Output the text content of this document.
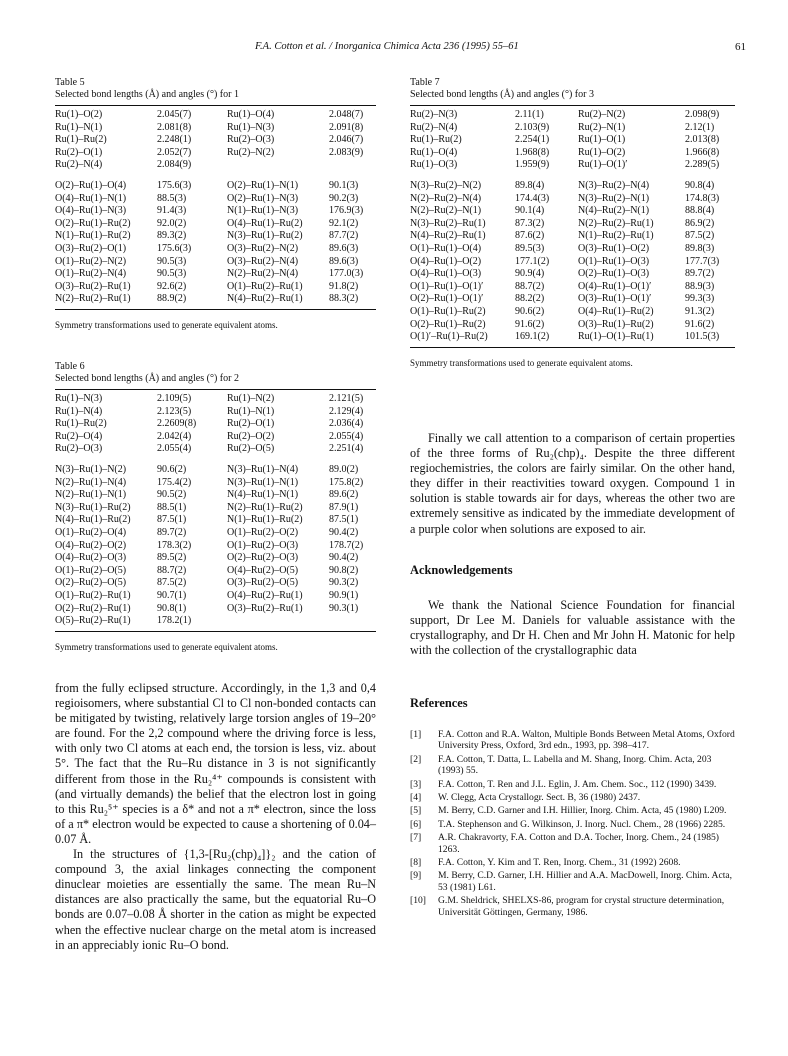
F.A. Cotton et al. / Inorganica Chimica Acta 236 (1995) 55–61	61
Table 5
Selected bond lengths (Å) and angles (°) for 1
Ru(1)–O(2)	2.045(7)	Ru(1)–O(4)	2.048(7)
Ru(1)–N(1)	2.081(8)	Ru(1)–N(3)	2.091(8)
Ru(1)–Ru(2)	2.248(1)	Ru(2)–O(3)	2.046(7)
Ru(2)–O(1)	2.052(7)	Ru(2)–N(2)	2.083(9)
Ru(2)–N(4)	2.084(9)		

O(2)–Ru(1)–O(4)	175.6(3)	O(2)–Ru(1)–N(1)	90.1(3)
O(4)–Ru(1)–N(1)	88.5(3)	O(2)–Ru(1)–N(3)	90.2(3)
O(4)–Ru(1)–N(3)	91.4(3)	N(1)–Ru(1)–N(3)	176.9(3)
O(2)–Ru(1)–Ru(2)	92.0(2)	O(4)–Ru(1)–Ru(2)	92.1(2)
N(1)–Ru(1)–Ru(2)	89.3(2)	N(3)–Ru(1)–Ru(2)	87.7(2)
O(3)–Ru(2)–O(1)	175.6(3)	O(3)–Ru(2)–N(2)	89.6(3)
O(1)–Ru(2)–N(2)	90.5(3)	O(3)–Ru(2)–N(4)	89.6(3)
O(1)–Ru(2)–N(4)	90.5(3)	N(2)–Ru(2)–N(4)	177.0(3)
O(3)–Ru(2)–Ru(1)	92.6(2)	O(1)–Ru(2)–Ru(1)	91.8(2)
N(2)–Ru(2)–Ru(1)	88.9(2)	N(4)–Ru(2)–Ru(1)	88.3(2)
Symmetry transformations used to generate equivalent atoms.
Table 6
Selected bond lengths (Å) and angles (°) for 2
Ru(1)–N(3)	2.109(5)	Ru(1)–N(2)	2.121(5)
Ru(1)–N(4)	2.123(5)	Ru(1)–N(1)	2.129(4)
Ru(1)–Ru(2)	2.2609(8)	Ru(2)–O(1)	2.036(4)
Ru(2)–O(4)	2.042(4)	Ru(2)–O(2)	2.055(4)
Ru(2)–O(3)	2.055(4)	Ru(2)–O(5)	2.251(4)

N(3)–Ru(1)–N(2)	90.6(2)	N(3)–Ru(1)–N(4)	89.0(2)
N(2)–Ru(1)–N(4)	175.4(2)	N(3)–Ru(1)–N(1)	175.8(2)
N(2)–Ru(1)–N(1)	90.5(2)	N(4)–Ru(1)–N(1)	89.6(2)
N(3)–Ru(1)–Ru(2)	88.5(1)	N(2)–Ru(1)–Ru(2)	87.9(1)
N(4)–Ru(1)–Ru(2)	87.5(1)	N(1)–Ru(1)–Ru(2)	87.5(1)
O(1)–Ru(2)–O(4)	89.7(2)	O(1)–Ru(2)–O(2)	90.4(2)
O(4)–Ru(2)–O(2)	178.3(2)	O(1)–Ru(2)–O(3)	178.7(2)
O(4)–Ru(2)–O(3)	89.5(2)	O(2)–Ru(2)–O(3)	90.4(2)
O(1)–Ru(2)–O(5)	88.7(2)	O(4)–Ru(2)–O(5)	90.8(2)
O(2)–Ru(2)–O(5)	87.5(2)	O(3)–Ru(2)–O(5)	90.3(2)
O(1)–Ru(2)–Ru(1)	90.7(1)	O(4)–Ru(2)–Ru(1)	90.9(1)
O(2)–Ru(2)–Ru(1)	90.8(1)	O(3)–Ru(2)–Ru(1)	90.3(1)
O(5)–Ru(2)–Ru(1)	178.2(1)		
Symmetry transformations used to generate equivalent atoms.
Table 7
Selected bond lengths (Å) and angles (°) for 3
Ru(2)–N(3)	2.11(1)	Ru(2)–N(2)	2.098(9)
Ru(2)–N(4)	2.103(9)	Ru(2)–N(1)	2.12(1)
Ru(1)–Ru(2)	2.254(1)	Ru(1)–O(1)	2.013(8)
Ru(1)–O(4)	1.968(8)	Ru(1)–O(2)	1.966(8)
Ru(1)–O(3)	1.959(9)	Ru(1)–O(1)′	2.289(5)

N(3)–Ru(2)–N(2)	89.8(4)	N(3)–Ru(2)–N(4)	90.8(4)
N(2)–Ru(2)–N(4)	174.4(3)	N(3)–Ru(2)–N(1)	174.8(3)
N(2)–Ru(2)–N(1)	90.1(4)	N(4)–Ru(2)–N(1)	88.8(4)
N(3)–Ru(2)–Ru(1)	87.3(2)	N(2)–Ru(2)–Ru(1)	86.9(2)
N(4)–Ru(2)–Ru(1)	87.6(2)	N(1)–Ru(2)–Ru(1)	87.5(2)
O(1)–Ru(1)–O(4)	89.5(3)	O(3)–Ru(1)–O(2)	89.8(3)
O(4)–Ru(1)–O(2)	177.1(2)	O(1)–Ru(1)–O(3)	177.7(3)
O(4)–Ru(1)–O(3)	90.9(4)	O(2)–Ru(1)–O(3)	89.7(2)
O(1)–Ru(1)–O(1)′	88.7(2)	O(4)–Ru(1)–O(1)′	88.9(3)
O(2)–Ru(1)–O(1)′	88.2(2)	O(3)–Ru(1)–O(1)′	99.3(3)
O(1)–Ru(1)–Ru(2)	90.6(2)	O(4)–Ru(1)–Ru(2)	91.3(2)
O(2)–Ru(1)–Ru(2)	91.6(2)	O(3)–Ru(1)–Ru(2)	91.6(2)
O(1)′–Ru(1)–Ru(2)	169.1(2)	Ru(1)–O(1)–Ru(1)	101.5(3)
Symmetry transformations used to generate equivalent atoms.

from the fully eclipsed structure. Accordingly, in the 1,3 and 0,4 regioisomers, where substantial Cl to Cl non-bonded contacts can be mitigated by twisting, relatively large torsion angles of 19–20° are found. For the 2,2 compound where the driving force is less, with only two Cl atoms at each end, the torsion is less, viz. about 5°. The fact that the Ru–Ru distance in 3 is not significantly different from those in the Ru₂⁴⁺ compounds is consistent with (and virtually demands) the belief that the electron lost in going to this Ru₂⁵⁺ species is a δ* and not a π* electron, since the loss of a π* electron would be expected to cause a shortening of 0.04–0.07 Å.

In the structures of {1,3-[Ru₂(chp)₄]}₂ and the cation of compound 3, the axial linkages connecting the component dinuclear moieties are essentially the same. The mean Ru–N distances are also practically the same, but the equatorial Ru–O bonds are 0.07–0.08 Å shorter in the cation as might be expected when the effective nuclear charge on the metal atom is increased in an appreciably ionic Ru–O bond.

Finally we call attention to a comparison of certain properties of the three forms of Ru₂(chp)₄. Despite the three different regiochemistries, the colors are fairly similar. On the other hand, they differ in their reactivities toward oxygen. Compound 1 in solution is stable towards air for days, whereas the other two are extremely sensitive as indicated by the immediate development of a purple color when solutions are exposed to air.

Acknowledgements

We thank the National Science Foundation for financial support, Dr Lee M. Daniels for valuable assistance with the crystallography, and Dr H. Chen and Mr John H. Matonic for help with the collection of the crystallographic data

References
[1] F.A. Cotton and R.A. Walton, Multiple Bonds Between Metal Atoms, Oxford University Press, Oxford, 3rd edn., 1993, pp. 398–417.
[2] F.A. Cotton, T. Datta, L. Labella and M. Shang, Inorg. Chim. Acta, 203 (1993) 55.
[3] F.A. Cotton, T. Ren and J.L. Eglin, J. Am. Chem. Soc., 112 (1990) 3439.
[4] W. Clegg, Acta Crystallogr. Sect. B, 36 (1980) 2437.
[5] M. Berry, C.D. Garner and I.H. Hillier, Inorg. Chim. Acta, 45 (1980) L209.
[6] T.A. Stephenson and G. Wilkinson, J. Inorg. Nucl. Chem., 28 (1966) 2285.
[7] A.R. Chakravorty, F.A. Cotton and D.A. Tocher, Inorg. Chem., 24 (1985) 1263.
[8] F.A. Cotton, Y. Kim and T. Ren, Inorg. Chem., 31 (1992) 2608.
[9] M. Berry, C.D. Garner, I.H. Hillier and A.A. MacDowell, Inorg. Chim. Acta, 53 (1981) L61.
[10] G.M. Sheldrick, SHELXS-86, program for crystal structure determination, Universität Göttingen, Germany, 1986.
